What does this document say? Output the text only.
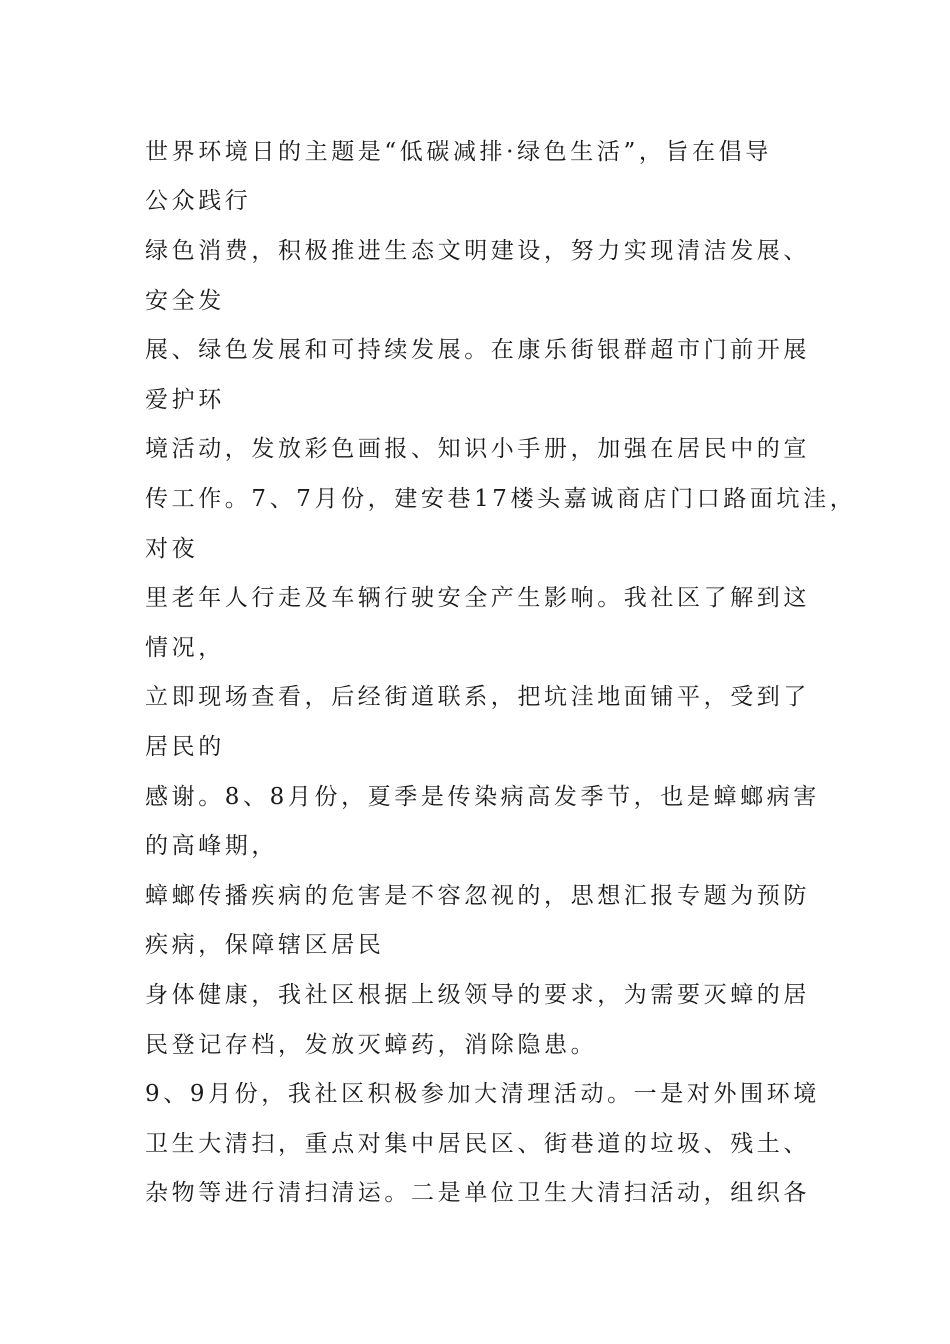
世界环境日的主题是“低碳减排·绿色生活”，旨在倡导
公众践行
绿色消费，积极推进生态文明建设，努力实现清洁发展、
安全发
展、绿色发展和可持续发展。在康乐街银群超市门前开展
爱护环
境活动，发放彩色画报、知识小手册，加强在居民中的宣
传工作。7、7月份，建安巷17楼头嘉诚商店门口路面坑洼，
对夜
里老年人行走及车辆行驶安全产生影响。我社区了解到这
情况，
立即现场查看，后经街道联系，把坑洼地面铺平，受到了
居民的
感谢。8、8月份，夏季是传染病高发季节，也是蟑螂病害
的高峰期，
蟑螂传播疾病的危害是不容忽视的，思想汇报专题为预防
疾病，保障辖区居民
身体健康，我社区根据上级领导的要求，为需要灭蟑的居
民登记存档，发放灭蟑药，消除隐患。
9、9月份，我社区积极参加大清理活动。一是对外围环境
卫生大清扫，重点对集中居民区、街巷道的垃圾、残土、
杂物等进行清扫清运。二是单位卫生大清扫活动，组织各
